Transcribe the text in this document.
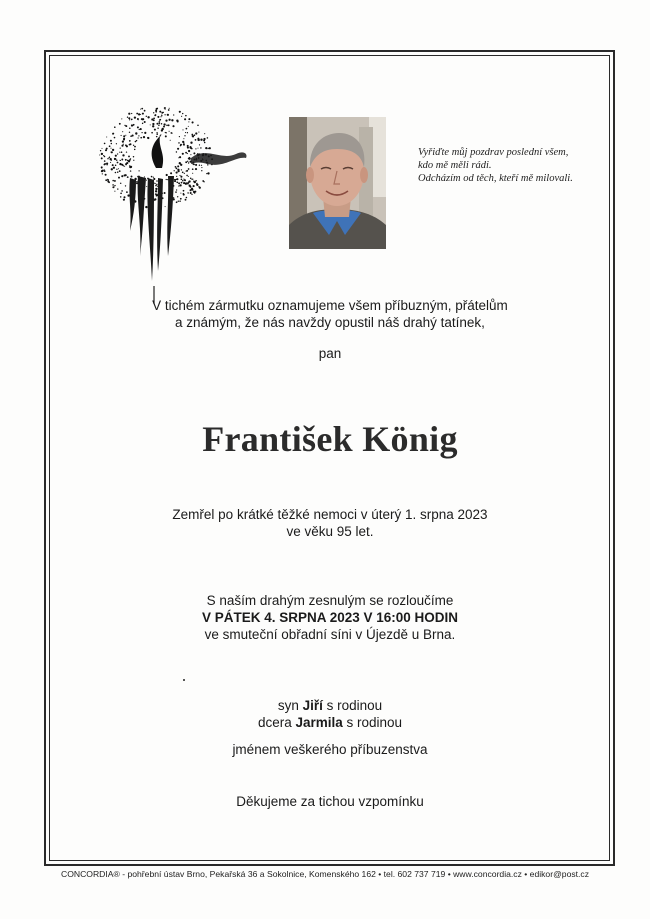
Vyřiďte můj pozdrav poslední všem,
kdo mě měli rádi.
Odcházím od těch, kteří mě milovali.
V tichém zármutku oznamujeme všem příbuzným, přátelům
a známým, že nás navždy opustil náš drahý tatínek,
pan
František König
Zemřel po krátké těžké nemoci v úterý 1. srpna 2023
ve věku 95 let.
S naším drahým zesnulým se rozloučíme
V PÁTEK 4. SRPNA 2023 V 16:00 HODIN
ve smuteční obřadní síni v Újezdě u Brna.
syn Jiří s rodinou
dcera Jarmila s rodinou
jménem veškerého příbuzenstva
Děkujeme za tichou vzpomínku
CONCORDIA® - pohřební ústav Brno, Pekařská 36 a Sokolnice, Komenského 162 • tel. 602 737 719 • www.concordia.cz • edikor@post.cz
